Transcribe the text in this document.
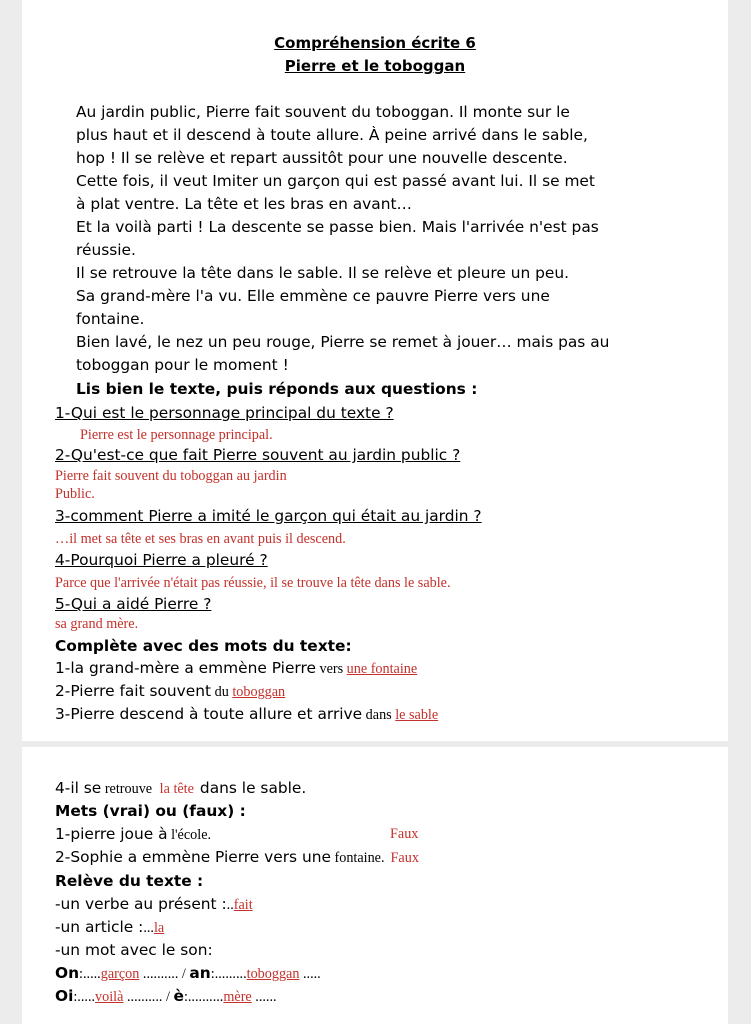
Compréhension écrite 6
Pierre et le toboggan
Au jardin public, Pierre fait souvent du toboggan. Il monte sur le
plus haut et il descend à toute allure. À peine arrivé dans le sable,
hop ! Il se relève et repart aussitôt pour une nouvelle descente.
Cette fois, il veut Imiter un garçon qui est passé avant lui. Il se met
à plat ventre. La tête et les bras en avant…
Et la voilà parti ! La descente se passe bien. Mais l'arrivée n'est pas
réussie.
Il se retrouve la tête dans le sable. Il se relève et pleure un peu.
Sa grand-mère l'a vu. Elle emmène ce pauvre Pierre vers une
fontaine.
Bien lavé, le nez un peu rouge, Pierre se remet à jouer… mais pas au
toboggan pour le moment !
Lis bien le texte, puis réponds aux questions :
1-Qui est le personnage principal du texte ?
Pierre est le personnage principal.
2-Qu'est-ce que fait Pierre souvent au jardin public ?
Pierre fait souvent du toboggan au jardin
Public.
3-comment Pierre a imité le garçon qui était au jardin ?
…il met sa tête et ses bras en avant puis il descend.
4-Pourquoi Pierre a pleuré ?
Parce que l'arrivée n'était pas réussie, il se trouve la tête dans le sable.
5-Qui a aidé Pierre ?
sa grand mère.
Complète avec des mots du texte:
1-la grand-mère a emmène Pierre vers une fontaine
2-Pierre fait souvent du toboggan
3-Pierre descend à toute allure et arrive dans le sable
4-il se retrouve la tête dans le sable.
Mets (vrai) ou (faux) :
1-pierre joue à l'école.	Faux
2-Sophie a emmène Pierre vers une fontaine. Faux
Relève du texte :
-un verbe au présent :..fait
-un article :...la
-un mot avec le son:
On:.....garçon .......... / an:.........toboggan .....
Oi:.....voilà .......... / è:..........mère ......
